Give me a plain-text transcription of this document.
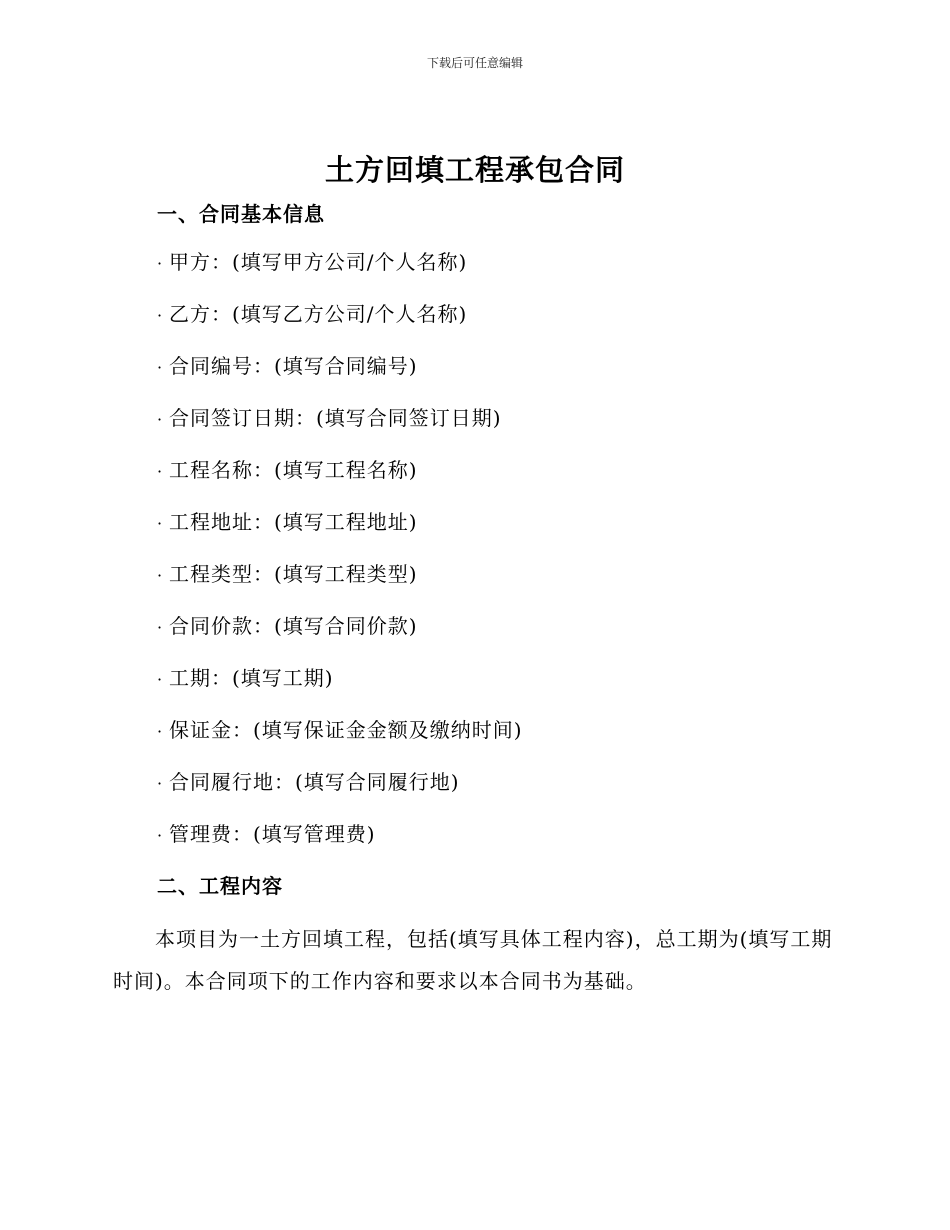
下载后可任意编辑
土方回填工程承包合同
一、合同基本信息
· 甲方：(填写甲方公司/个人名称)
· 乙方：(填写乙方公司/个人名称)
· 合同编号：(填写合同编号)
· 合同签订日期：(填写合同签订日期)
· 工程名称：(填写工程名称)
· 工程地址：(填写工程地址)
· 工程类型：(填写工程类型)
· 合同价款：(填写合同价款)
· 工期：(填写工期)
· 保证金：(填写保证金金额及缴纳时间)
· 合同履行地：(填写合同履行地)
· 管理费：(填写管理费)
二、工程内容

本项目为一土方回填工程，包括(填写具体工程内容)，总工期为(填写工期时间)。本合同项下的工作内容和要求以本合同书为基础。
